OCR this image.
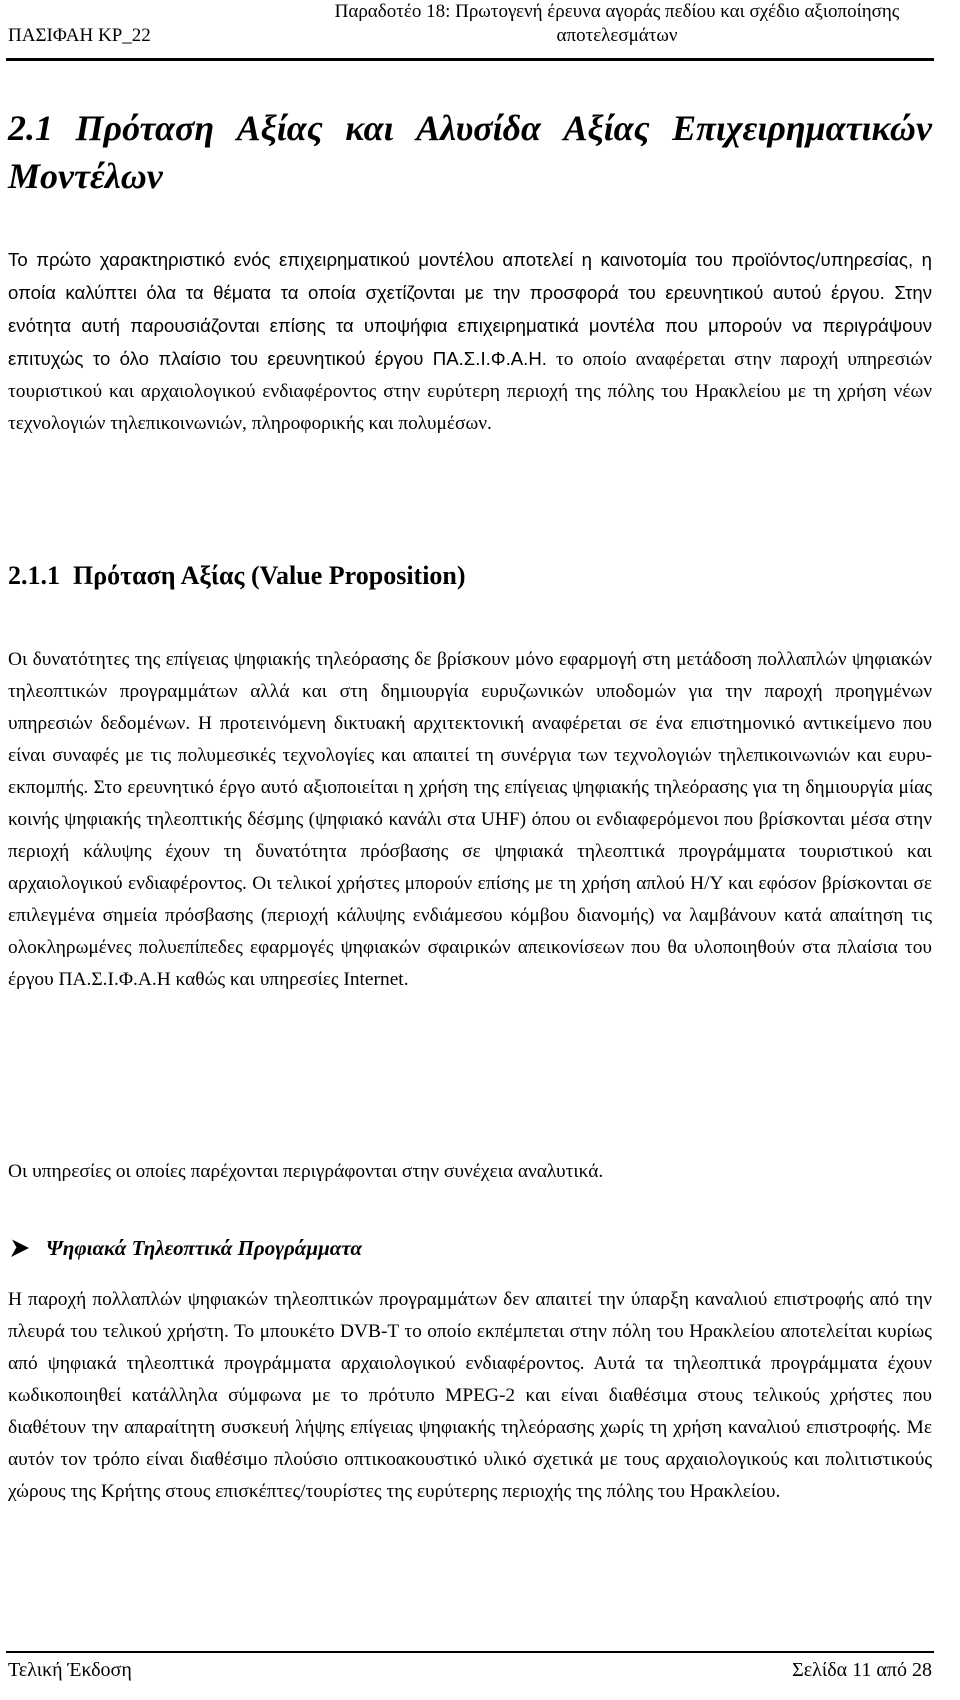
ΠΑΣΙΦΑΗ ΚΡ_22
Παραδοτέο 18: Πρωτογενή έρευνα αγοράς πεδίου και σχέδιο αξιοποίησης
αποτελεσμάτων
2.1 Πρόταση Αξίας και Αλυσίδα Αξίας Επιχειρηματικών
Μοντέλων
Το πρώτο χαρακτηριστικό ενός επιχειρηματικού μοντέλου αποτελεί η καινοτομία του προϊόντος/υπηρεσίας, η οποία καλύπτει όλα τα θέματα τα οποία σχετίζονται με την προσφορά του ερευνητικού αυτού έργου. Στην ενότητα αυτή παρουσιάζονται επίσης τα υποψήφια επιχειρηματικά μοντέλα που μπορούν να περιγράψουν επιτυχώς το όλο πλαίσιο του ερευνητικού έργου ΠΑ.Σ.Ι.Φ.Α.Η. το οποίο αναφέρεται στην παροχή υπηρεσιών τουριστικού και αρχαιολογικού ενδιαφέροντος στην ευρύτερη περιοχή της πόλης του Ηρακλείου με τη χρήση νέων τεχνολογιών τηλεπικοινωνιών, πληροφορικής και πολυμέσων.
2.1.1  Πρόταση Αξίας (Value Proposition)
Οι δυνατότητες της επίγειας ψηφιακής τηλεόρασης δε βρίσκουν μόνο εφαρμογή στη μετάδοση πολλαπλών ψηφιακών τηλεοπτικών προγραμμάτων αλλά και στη δημιουργία ευρυζωνικών υποδομών για την παροχή προηγμένων υπηρεσιών δεδομένων. Η προτεινόμενη δικτυακή αρχιτεκτονική αναφέρεται σε ένα επιστημονικό αντικείμενο που είναι συναφές με τις πολυμεσικές τεχνολογίες και απαιτεί τη συνέργια των τεχνολογιών τηλεπικοινωνιών και ευρυ-εκπομπής. Στο ερευνητικό έργο αυτό αξιοποιείται η χρήση της επίγειας ψηφιακής τηλεόρασης για τη δημιουργία μίας κοινής ψηφιακής τηλεοπτικής δέσμης (ψηφιακό κανάλι στα UHF) όπου οι ενδιαφερόμενοι που βρίσκονται μέσα στην περιοχή κάλυψης έχουν τη δυνατότητα πρόσβασης σε ψηφιακά τηλεοπτικά προγράμματα τουριστικού και αρχαιολογικού ενδιαφέροντος. Οι τελικοί χρήστες μπορούν επίσης με τη χρήση απλού Η/Υ και εφόσον βρίσκονται σε επιλεγμένα σημεία πρόσβασης (περιοχή κάλυψης ενδιάμεσου κόμβου διανομής) να λαμβάνουν κατά απαίτηση τις ολοκληρωμένες πολυεπίπεδες εφαρμογές ψηφιακών σφαιρικών απεικονίσεων που θα υλοποιηθούν στα πλαίσια του έργου ΠΑ.Σ.Ι.Φ.Α.Η καθώς και υπηρεσίες Internet.
Οι υπηρεσίες οι οποίες παρέχονται περιγράφονται στην συνέχεια αναλυτικά.
Ψηφιακά Τηλεοπτικά Προγράμματα
Η παροχή πολλαπλών ψηφιακών τηλεοπτικών προγραμμάτων δεν απαιτεί την ύπαρξη καναλιού επιστροφής από την πλευρά του τελικού χρήστη. Το μπουκέτο DVB-T το οποίο εκπέμπεται στην πόλη του Ηρακλείου αποτελείται κυρίως από ψηφιακά τηλεοπτικά προγράμματα αρχαιολογικού ενδιαφέροντος. Αυτά τα τηλεοπτικά προγράμματα έχουν κωδικοποιηθεί κατάλληλα σύμφωνα με το πρότυπο MPEG-2 και είναι διαθέσιμα στους τελικούς χρήστες που διαθέτουν την απαραίτητη συσκευή λήψης επίγειας ψηφιακής τηλεόρασης χωρίς τη χρήση καναλιού επιστροφής. Με αυτόν τον τρόπο είναι διαθέσιμο πλούσιο οπτικοακουστικό υλικό σχετικά με τους αρχαιολογικούς και πολιτιστικούς χώρους της Κρήτης στους επισκέπτες/τουρίστες της ευρύτερης περιοχής της πόλης του Ηρακλείου.
Τελική Έκδοση	Σελίδα 11 από 28
